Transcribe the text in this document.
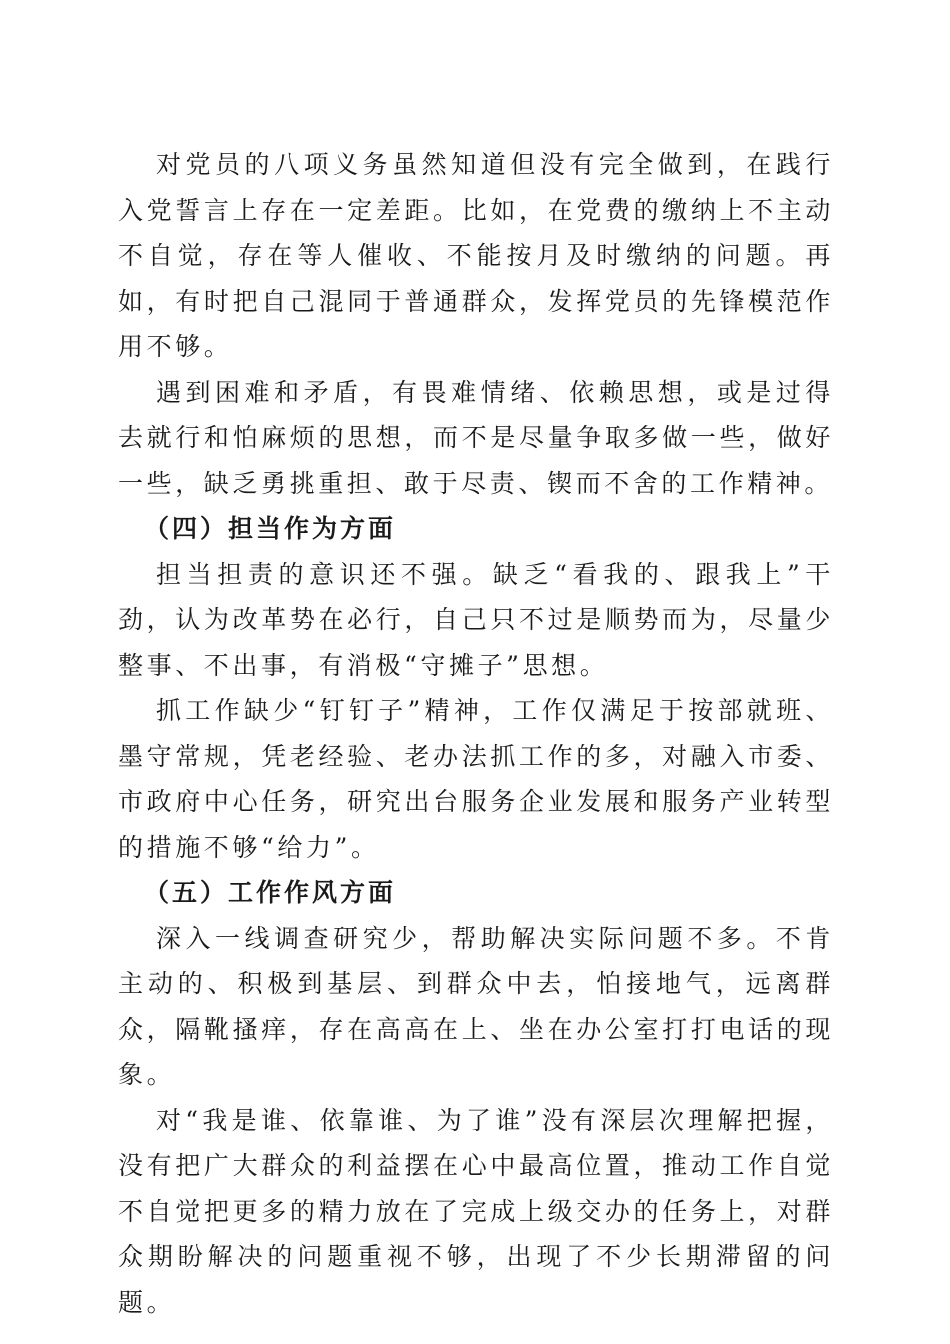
对党员的八项义务虽然知道但没有完全做到，在践行入党誓言上存在一定差距。比如，在党费的缴纳上不主动不自觉，存在等人催收、不能按月及时缴纳的问题。再如，有时把自己混同于普通群众，发挥党员的先锋模范作用不够。

遇到困难和矛盾，有畏难情绪、依赖思想，或是过得去就行和怕麻烦的思想，而不是尽量争取多做一些，做好一些，缺乏勇挑重担、敢于尽责、锲而不舍的工作精神。

（四）担当作为方面

担当担责的意识还不强。缺乏“看我的、跟我上”干劲，认为改革势在必行，自己只不过是顺势而为，尽量少整事、不出事，有消极“守摊子”思想。

抓工作缺少“钉钉子”精神，工作仅满足于按部就班、墨守常规，凭老经验、老办法抓工作的多，对融入市委、市政府中心任务，研究出台服务企业发展和服务产业转型的措施不够“给力”。

（五）工作作风方面

深入一线调查研究少，帮助解决实际问题不多。不肯主动的、积极到基层、到群众中去，怕接地气，远离群众，隔靴搔痒，存在高高在上、坐在办公室打打电话的现象。

对“我是谁、依靠谁、为了谁”没有深层次理解把握，没有把广大群众的利益摆在心中最高位置，推动工作自觉不自觉把更多的精力放在了完成上级交办的任务上，对群众期盼解决的问题重视不够，出现了不少长期滞留的问题。
